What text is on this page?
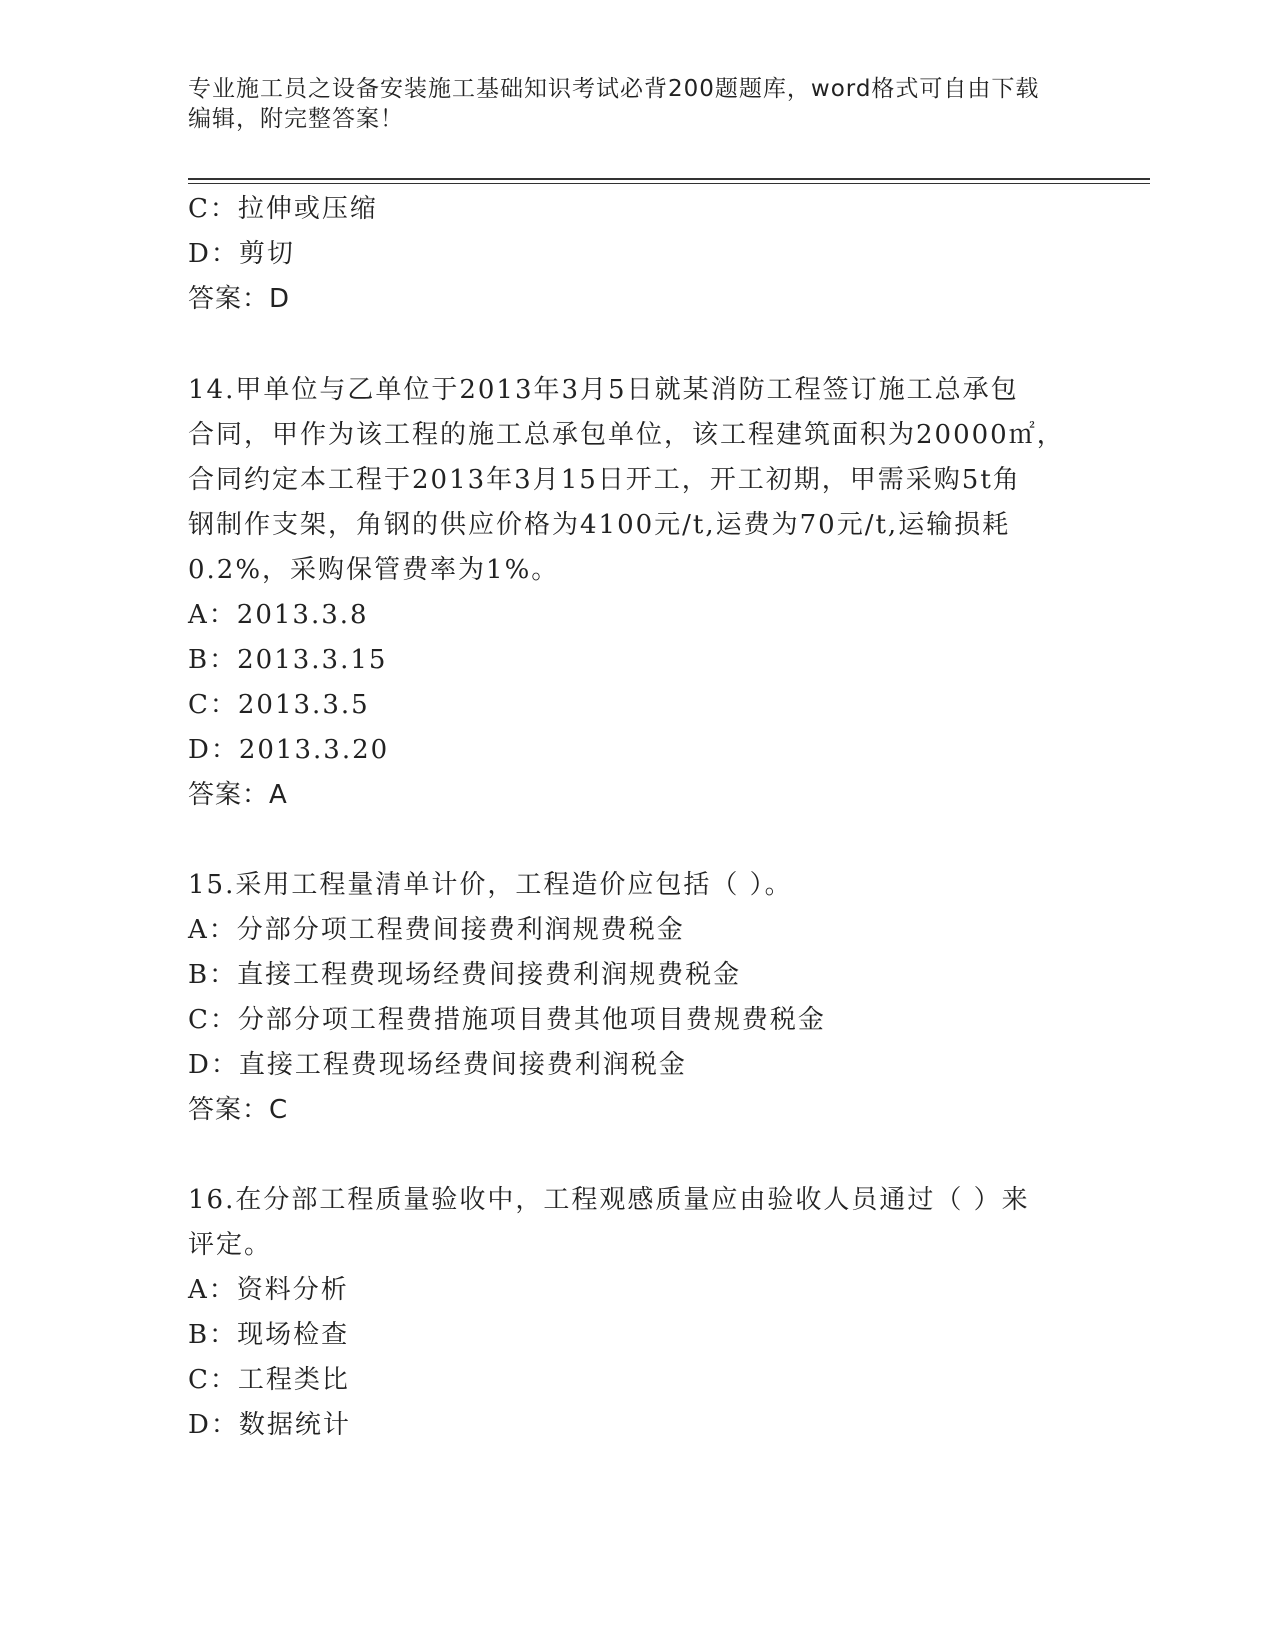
专业施工员之设备安装施工基础知识考试必背200题题库，word格式可自由下载
编辑，附完整答案！
C：拉伸或压缩
D：剪切
答案：D
14.甲单位与乙单位于2013年3月5日就某消防工程签订施工总承包
合同，甲作为该工程的施工总承包单位，该工程建筑面积为20000㎡，
合同约定本工程于2013年3月15日开工，开工初期，甲需采购5t角
钢制作支架，角钢的供应价格为4100元/t,运费为70元/t,运输损耗
0.2%，采购保管费率为1%。
A：2013.3.8
B：2013.3.15
C：2013.3.5
D：2013.3.20
答案：A
15.采用工程量清单计价，工程造价应包括（ ）。
A：分部分项工程费间接费利润规费税金
B：直接工程费现场经费间接费利润规费税金
C：分部分项工程费措施项目费其他项目费规费税金
D：直接工程费现场经费间接费利润税金
答案：C
16.在分部工程质量验收中，工程观感质量应由验收人员通过（ ）来
评定。
A：资料分析
B：现场检查
C：工程类比
D：数据统计
